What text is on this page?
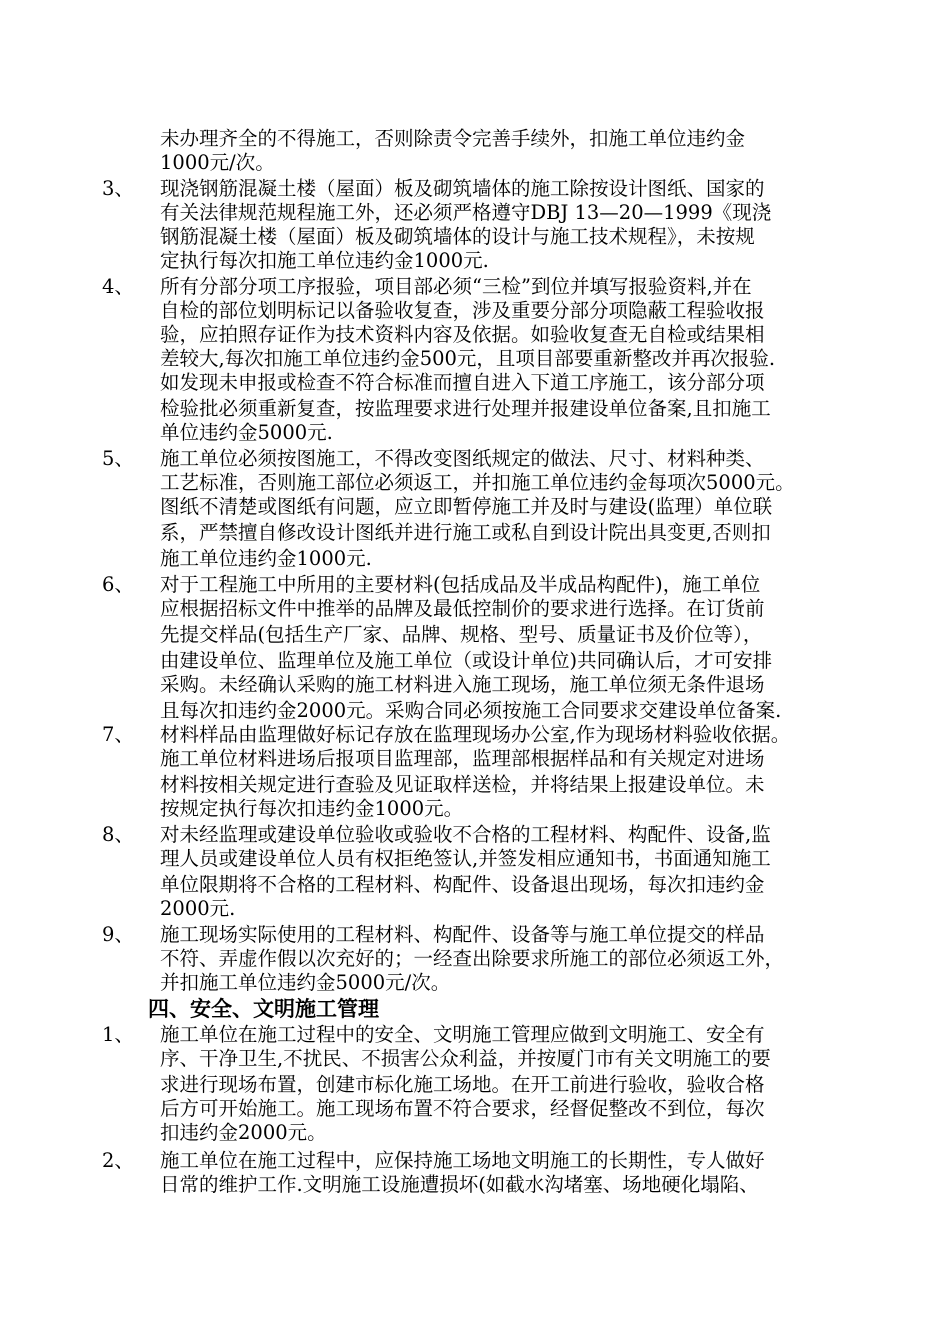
未办理齐全的不得施工，否则除责令完善手续外，扣施工单位违约金
1000元/次。
3、	现浇钢筋混凝土楼（屋面）板及砌筑墙体的施工除按设计图纸、国家的
有关法律规范规程施工外，还必须严格遵守DBJ 13—20—1999《现浇
钢筋混凝土楼（屋面）板及砌筑墙体的设计与施工技术规程》，未按规
定执行每次扣施工单位违约金1000元.
4、	所有分部分项工序报验，项目部必须“三检”到位并填写报验资料,并在
自检的部位划明标记以备验收复查，涉及重要分部分项隐蔽工程验收报
验，应拍照存证作为技术资料内容及依据。如验收复查无自检或结果相
差较大,每次扣施工单位违约金500元，且项目部要重新整改并再次报验.
如发现未申报或检查不符合标准而擅自进入下道工序施工，该分部分项
检验批必须重新复查，按监理要求进行处理并报建设单位备案,且扣施工
单位违约金5000元.
5、	施工单位必须按图施工，不得改变图纸规定的做法、尺寸、材料种类、
工艺标准，否则施工部位必须返工，并扣施工单位违约金每项次5000元。
图纸不清楚或图纸有问题，应立即暂停施工并及时与建设(监理）单位联
系，严禁擅自修改设计图纸并进行施工或私自到设计院出具变更,否则扣
施工单位违约金1000元.
6、	对于工程施工中所用的主要材料(包括成品及半成品构配件)，施工单位
应根据招标文件中推举的品牌及最低控制价的要求进行选择。在订货前
先提交样品(包括生产厂家、品牌、规格、型号、质量证书及价位等），
由建设单位、监理单位及施工单位（或设计单位)共同确认后，才可安排
采购。未经确认采购的施工材料进入施工现场，施工单位须无条件退场
且每次扣违约金2000元。采购合同必须按施工合同要求交建设单位备案.
7、	材料样品由监理做好标记存放在监理现场办公室,作为现场材料验收依据。
施工单位材料进场后报项目监理部，监理部根据样品和有关规定对进场
材料按相关规定进行查验及见证取样送检，并将结果上报建设单位。未
按规定执行每次扣违约金1000元。
8、	对未经监理或建设单位验收或验收不合格的工程材料、构配件、设备,监
理人员或建设单位人员有权拒绝签认,并签发相应通知书，书面通知施工
单位限期将不合格的工程材料、构配件、设备退出现场，每次扣违约金
2000元.
9、	施工现场实际使用的工程材料、构配件、设备等与施工单位提交的样品
不符、弄虚作假以次充好的；一经查出除要求所施工的部位必须返工外，
并扣施工单位违约金5000元/次。
四、安全、文明施工管理
1、	施工单位在施工过程中的安全、文明施工管理应做到文明施工、安全有
序、干净卫生,不扰民、不损害公众利益，并按厦门市有关文明施工的要
求进行现场布置，创建市标化施工场地。在开工前进行验收，验收合格
后方可开始施工。施工现场布置不符合要求，经督促整改不到位，每次
扣违约金2000元。
2、	施工单位在施工过程中，应保持施工场地文明施工的长期性，专人做好
日常的维护工作.文明施工设施遭损坏(如截水沟堵塞、场地硬化塌陷、
